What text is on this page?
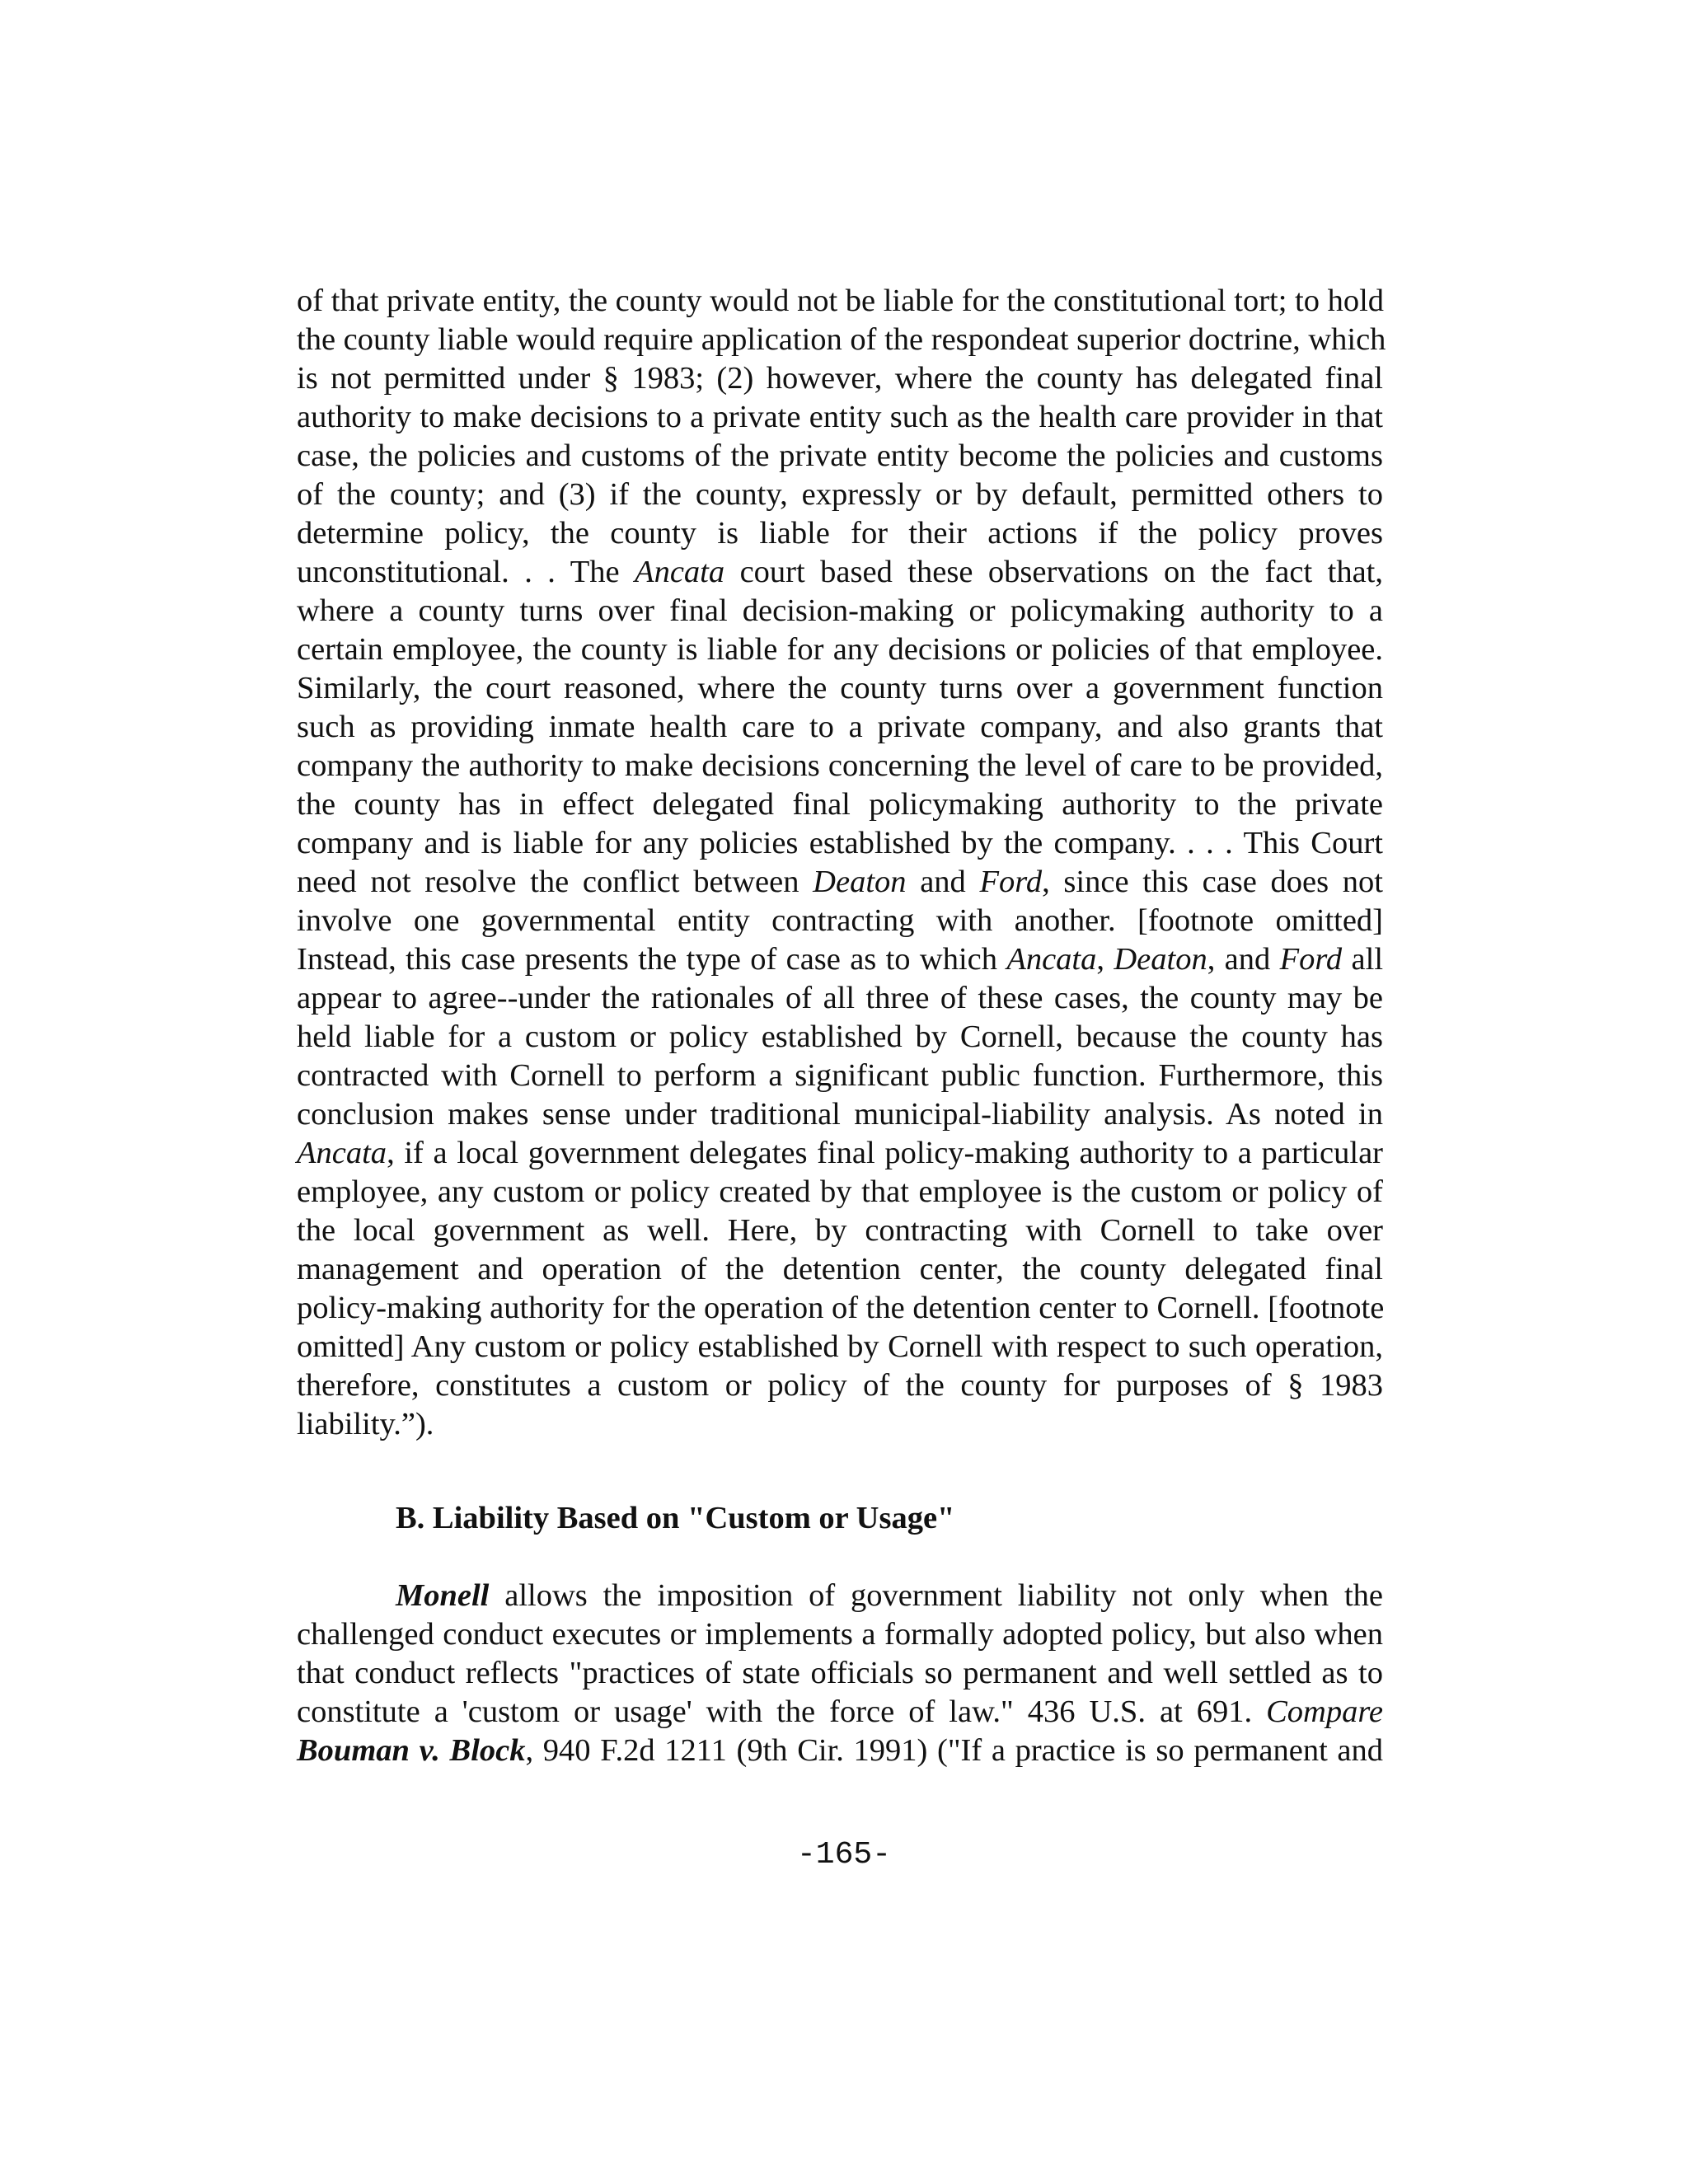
of that private entity, the county would not be liable for the constitutional tort; to hold
the county liable would require application of the respondeat superior doctrine, which
is not permitted under § 1983; (2) however, where the county has delegated final
authority to make decisions to a private entity such as the health care provider in that
case, the policies and customs of the private entity become the policies and customs
of the county; and (3) if the county, expressly or by default, permitted others to
determine policy, the county is liable for their actions if the policy proves
unconstitutional. . . The Ancata court based these observations on the fact that,
where a county turns over final decision-making or policymaking authority to a
certain employee, the county is liable for any decisions or policies of that employee.
Similarly, the court reasoned, where the county turns over a government function
such as providing inmate health care to a private company, and also grants that
company the authority to make decisions concerning the level of care to be provided,
the county has in effect delegated final policymaking authority to the private
company and is liable for any policies established by the company. . . . This Court
need not resolve the conflict between Deaton and Ford, since this case does not
involve one governmental entity contracting with another. [footnote omitted]
Instead, this case presents the type of case as to which Ancata, Deaton, and Ford all
appear to agree--under the rationales of all three of these cases, the county may be
held liable for a custom or policy established by Cornell, because the county has
contracted with Cornell to perform a significant public function. Furthermore, this
conclusion makes sense under traditional municipal-liability analysis. As noted in
Ancata, if a local government delegates final policy-making authority to a particular
employee, any custom or policy created by that employee is the custom or policy of
the local government as well. Here, by contracting with Cornell to take over
management and operation of the detention center, the county delegated final
policy-making authority for the operation of the detention center to Cornell. [footnote
omitted] Any custom or policy established by Cornell with respect to such operation,
therefore, constitutes a custom or policy of the county for purposes of § 1983
liability.”).
B. Liability Based on "Custom or Usage"
Monell allows the imposition of government liability not only when the
challenged conduct executes or implements a formally adopted policy, but also when
that conduct reflects "practices of state officials so permanent and well settled as to
constitute a 'custom or usage' with the force of law." 436 U.S. at 691. Compare
Bouman v. Block, 940 F.2d 1211 (9th Cir. 1991) ("If a practice is so permanent and
-165-
